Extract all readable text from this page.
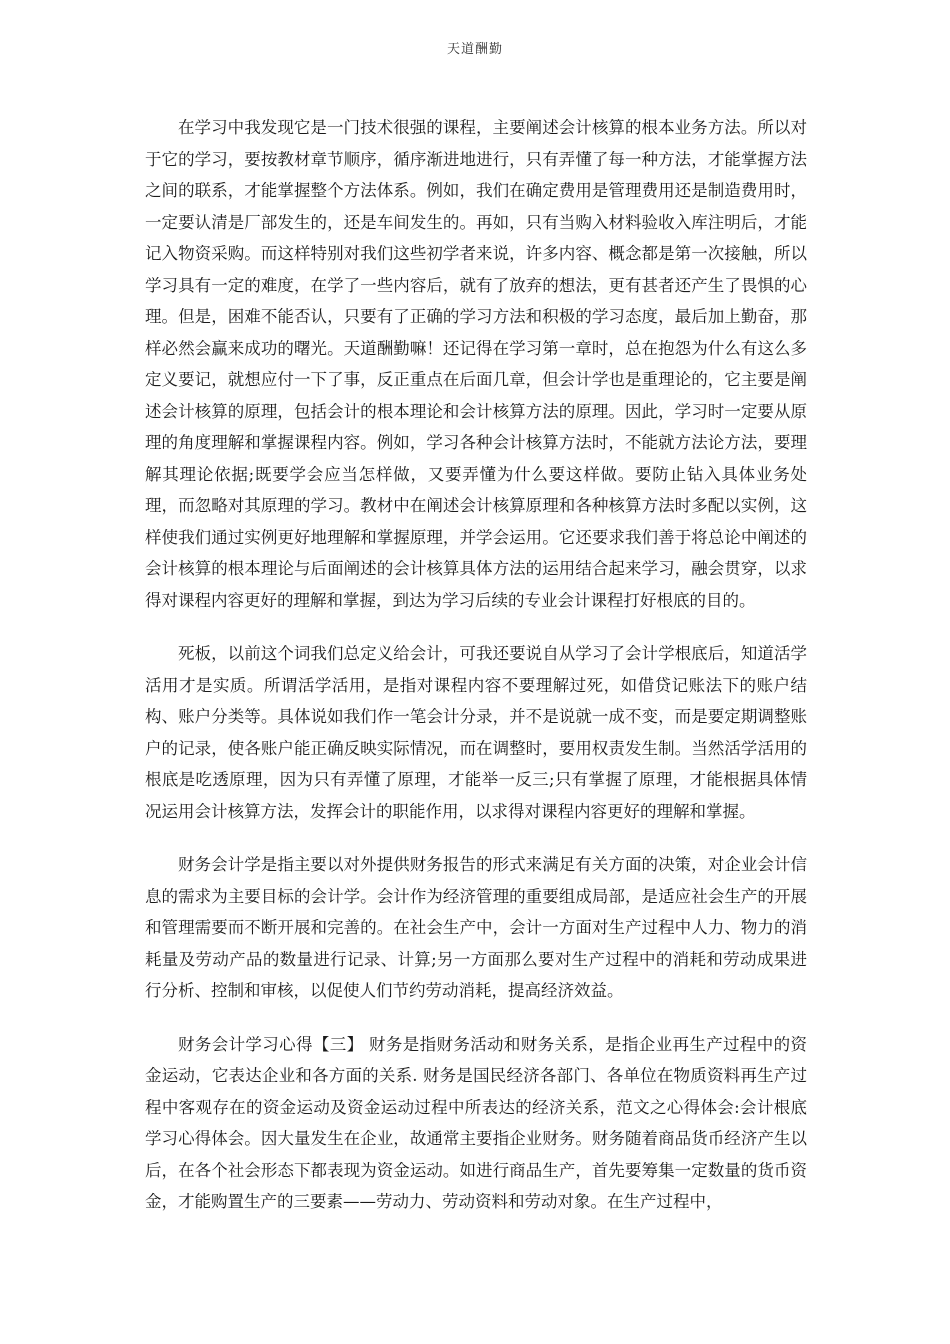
天道酬勤

在学习中我发现它是一门技术很强的课程，主要阐述会计核算的根本业务方法。所以对于它的学习，要按教材章节顺序，循序渐进地进行，只有弄懂了每一种方法，才能掌握方法之间的联系，才能掌握整个方法体系。例如，我们在确定费用是管理费用还是制造费用时，一定要认清是厂部发生的，还是车间发生的。再如，只有当购入材料验收入库注明后，才能记入物资采购。而这样特别对我们这些初学者来说，许多内容、概念都是第一次接触，所以学习具有一定的难度，在学了一些内容后，就有了放弃的想法，更有甚者还产生了畏惧的心理。但是，困难不能否认，只要有了正确的学习方法和积极的学习态度，最后加上勤奋，那样必然会赢来成功的曙光。天道酬勤嘛！还记得在学习第一章时，总在抱怨为什么有这么多定义要记，就想应付一下了事，反正重点在后面几章，但会计学也是重理论的，它主要是阐述会计核算的原理，包括会计的根本理论和会计核算方法的原理。因此，学习时一定要从原理的角度理解和掌握课程内容。例如，学习各种会计核算方法时，不能就方法论方法，要理解其理论依据;既要学会应当怎样做，又要弄懂为什么要这样做。要防止钻入具体业务处理，而忽略对其原理的学习。教材中在阐述会计核算原理和各种核算方法时多配以实例，这样使我们通过实例更好地理解和掌握原理，并学会运用。它还要求我们善于将总论中阐述的会计核算的根本理论与后面阐述的会计核算具体方法的运用结合起来学习，融会贯穿，以求得对课程内容更好的理解和掌握，到达为学习后续的专业会计课程打好根底的目的。

死板，以前这个词我们总定义给会计，可我还要说自从学习了会计学根底后，知道活学活用才是实质。所谓活学活用，是指对课程内容不要理解过死，如借贷记账法下的账户结构、账户分类等。具体说如我们作一笔会计分录，并不是说就一成不变，而是要定期调整账户的记录，使各账户能正确反映实际情况，而在调整时，要用权责发生制。当然活学活用的根底是吃透原理，因为只有弄懂了原理，才能举一反三;只有掌握了原理，才能根据具体情况运用会计核算方法，发挥会计的职能作用，以求得对课程内容更好的理解和掌握。

财务会计学是指主要以对外提供财务报告的形式来满足有关方面的决策，对企业会计信息的需求为主要目标的会计学。会计作为经济管理的重要组成局部，是适应社会生产的开展和管理需要而不断开展和完善的。在社会生产中，会计一方面对生产过程中人力、物力的消耗量及劳动产品的数量进行记录、计算;另一方面那么要对生产过程中的消耗和劳动成果进行分析、控制和审核，以促使人们节约劳动消耗，提高经济效益。

财务会计学习心得【三】 财务是指财务活动和财务关系，是指企业再生产过程中的资金运动，它表达企业和各方面的关系. 财务是国民经济各部门、各单位在物质资料再生产过程中客观存在的资金运动及资金运动过程中所表达的经济关系，范文之心得体会:会计根底学习心得体会。因大量发生在企业，故通常主要指企业财务。财务随着商品货币经济产生以后，在各个社会形态下都表现为资金运动。如进行商品生产，首先要筹集一定数量的货币资金，才能购置生产的三要素——劳动力、劳动资料和劳动对象。在生产过程中，
